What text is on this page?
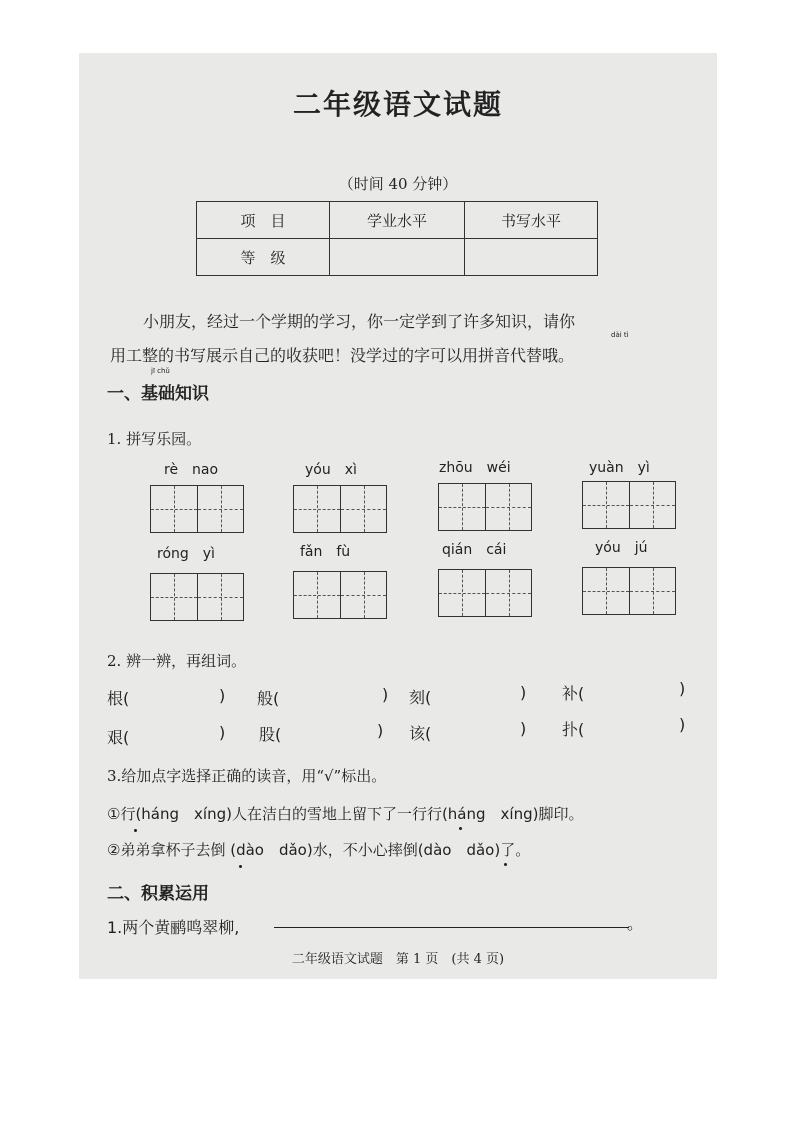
二年级语文试题
（时间 40 分钟）
项　目	学业水平	书写水平
等　级		
dài tì
小朋友，经过一个学期的学习，你一定学到了许多知识，请你
用工整的书写展示自己的收获吧！没学过的字可以用拼音代替哦。
jī chǔ
一、基础知识
1. 拼写乐园。
rè　nao	yóu　xì	zhōu　wéi	yuàn　yì
róng　yì	fǎn　fù	qián　cái	yóu　jú
2. 辨一辨，再组词。
根(	) 般(	) 刻(	) 补(	)
艰(	) 股(	) 该(	) 扑(	)
3.给加点字选择正确的读音，用“√”标出。
①行(háng　xíng)人在洁白的雪地上留下了一行行(háng　xíng)脚印。
②弟弟拿杯子去倒 (dào　dǎo)水，不小心摔倒(dào　dǎo)了。
二、积累运用
1.两个黄鹂鸣翠柳,	。
二年级语文试题　第 1 页　(共 4 页)
